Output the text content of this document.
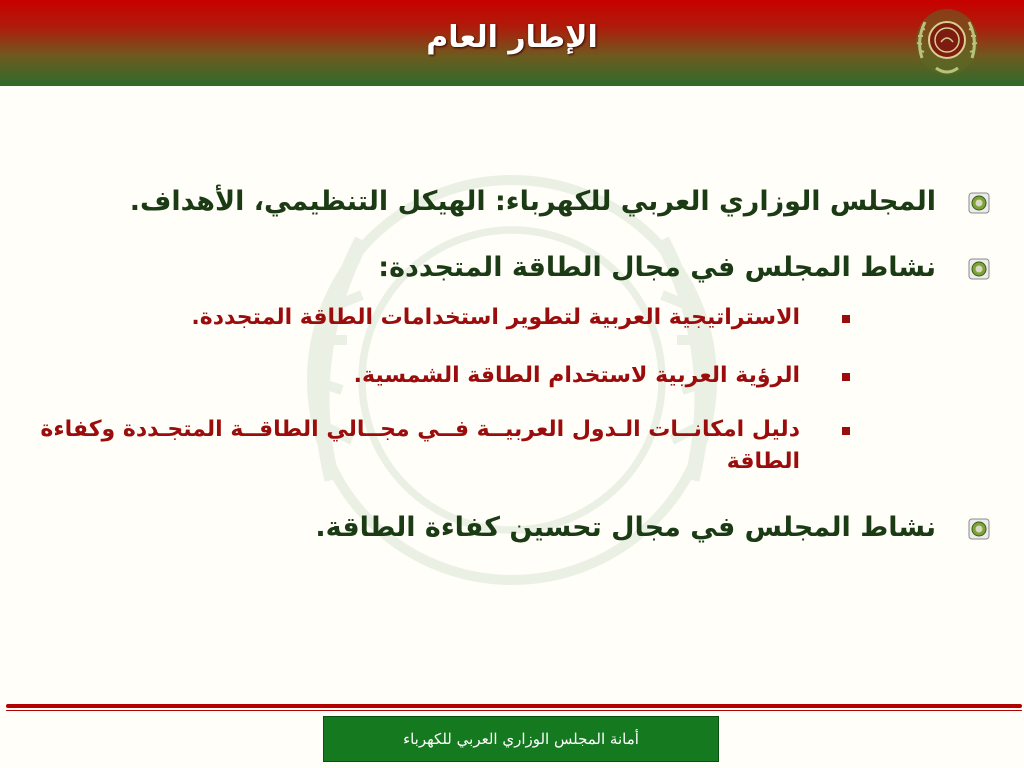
الإطار العام
المجلس الوزاري العربي للكهرباء: الهيكل التنظيمي، الأهداف.
نشاط المجلس في مجال الطاقة المتجددة:
الاستراتيجية العربية لتطوير استخدامات الطاقة المتجددة.
الرؤية العربية لاستخدام الطاقة الشمسية.
دليل امكانــات الـدول العربيــة فــي مجــالي الطاقــة المتجـددة وكفاءة الطاقة
نشاط المجلس في مجال تحسين كفاءة الطاقة.
أمانة المجلس الوزاري العربي للكهرباء
